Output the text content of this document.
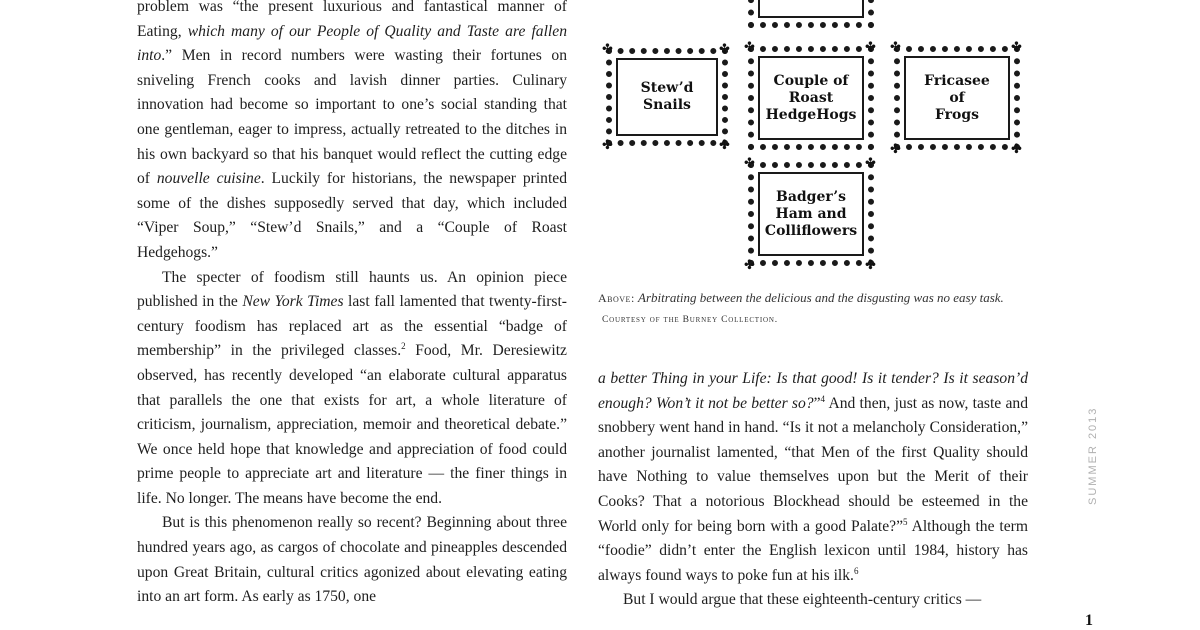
problem was “the present luxurious and fantastical manner of Eating, which many of our People of Quality and Taste are fallen into.” Men in record numbers were wasting their fortunes on sniveling French cooks and lavish dinner parties. Culinary innovation had become so important to one’s social standing that one gentleman, eager to impress, actually retreated to the ditches in his own backyard so that his banquet would reflect the cutting edge of nouvelle cuisine. Luckily for historians, the newspaper printed some of the dishes supposedly served that day, which included “Viper Soup,” “Stew’d Snails,” and a “Couple of Roast Hedgehogs.”

The specter of foodism still haunts us. An opinion piece published in the New York Times last fall lamented that twenty-first-century foodism has replaced art as the essential “badge of membership” in the privileged classes.$^2$ Food, Mr. Deresiewitz observed, has recently developed “an elaborate cultural apparatus that parallels the one that exists for art, a whole literature of criticism, journalism, appreciation, memoir and theoretical debate.” We once held hope that knowledge and appreciation of food could prime people to appreciate art and literature — the finer things in life. No longer. The means have become the end.

But is this phenomenon really so recent? Beginning about three hundred years ago, as cargos of chocolate and pineapples descended upon Great Britain, cultural critics agonized about elevating eating into an art form. As early as 1750, one

Stew’d Snails
Couple of
Roast
HedgeHogs
Fricasee
of
Frogs
Badger’s
Ham and
Colliflowers
✤	✤
✤	✤
✤	✤ ✤	✤
✤	✤
✤	✤
✤	✤
Above: Arbitrating between the delicious and the disgusting was no easy task. Courtesy of the Burney Collection.

a better Thing in your Life: Is that good! Is it tender? Is it season’d enough? Won’t it not be better so?”$^4$ And then, just as now, taste and snobbery went hand in hand. “Is it not a melancholy Consideration,” another journalist lamented, “that Men of the first Quality should have Nothing to value themselves upon but the Merit of their Cooks? That a notorious Blockhead should be esteemed in the World only for being born with a good Palate?”$^5$ Although the term “foodie” didn’t enter the English lexicon until 1984, history has always found ways to poke fun at his ilk.$^6$

But I would argue that these eighteenth-century critics —

SUMMER 2013
1
